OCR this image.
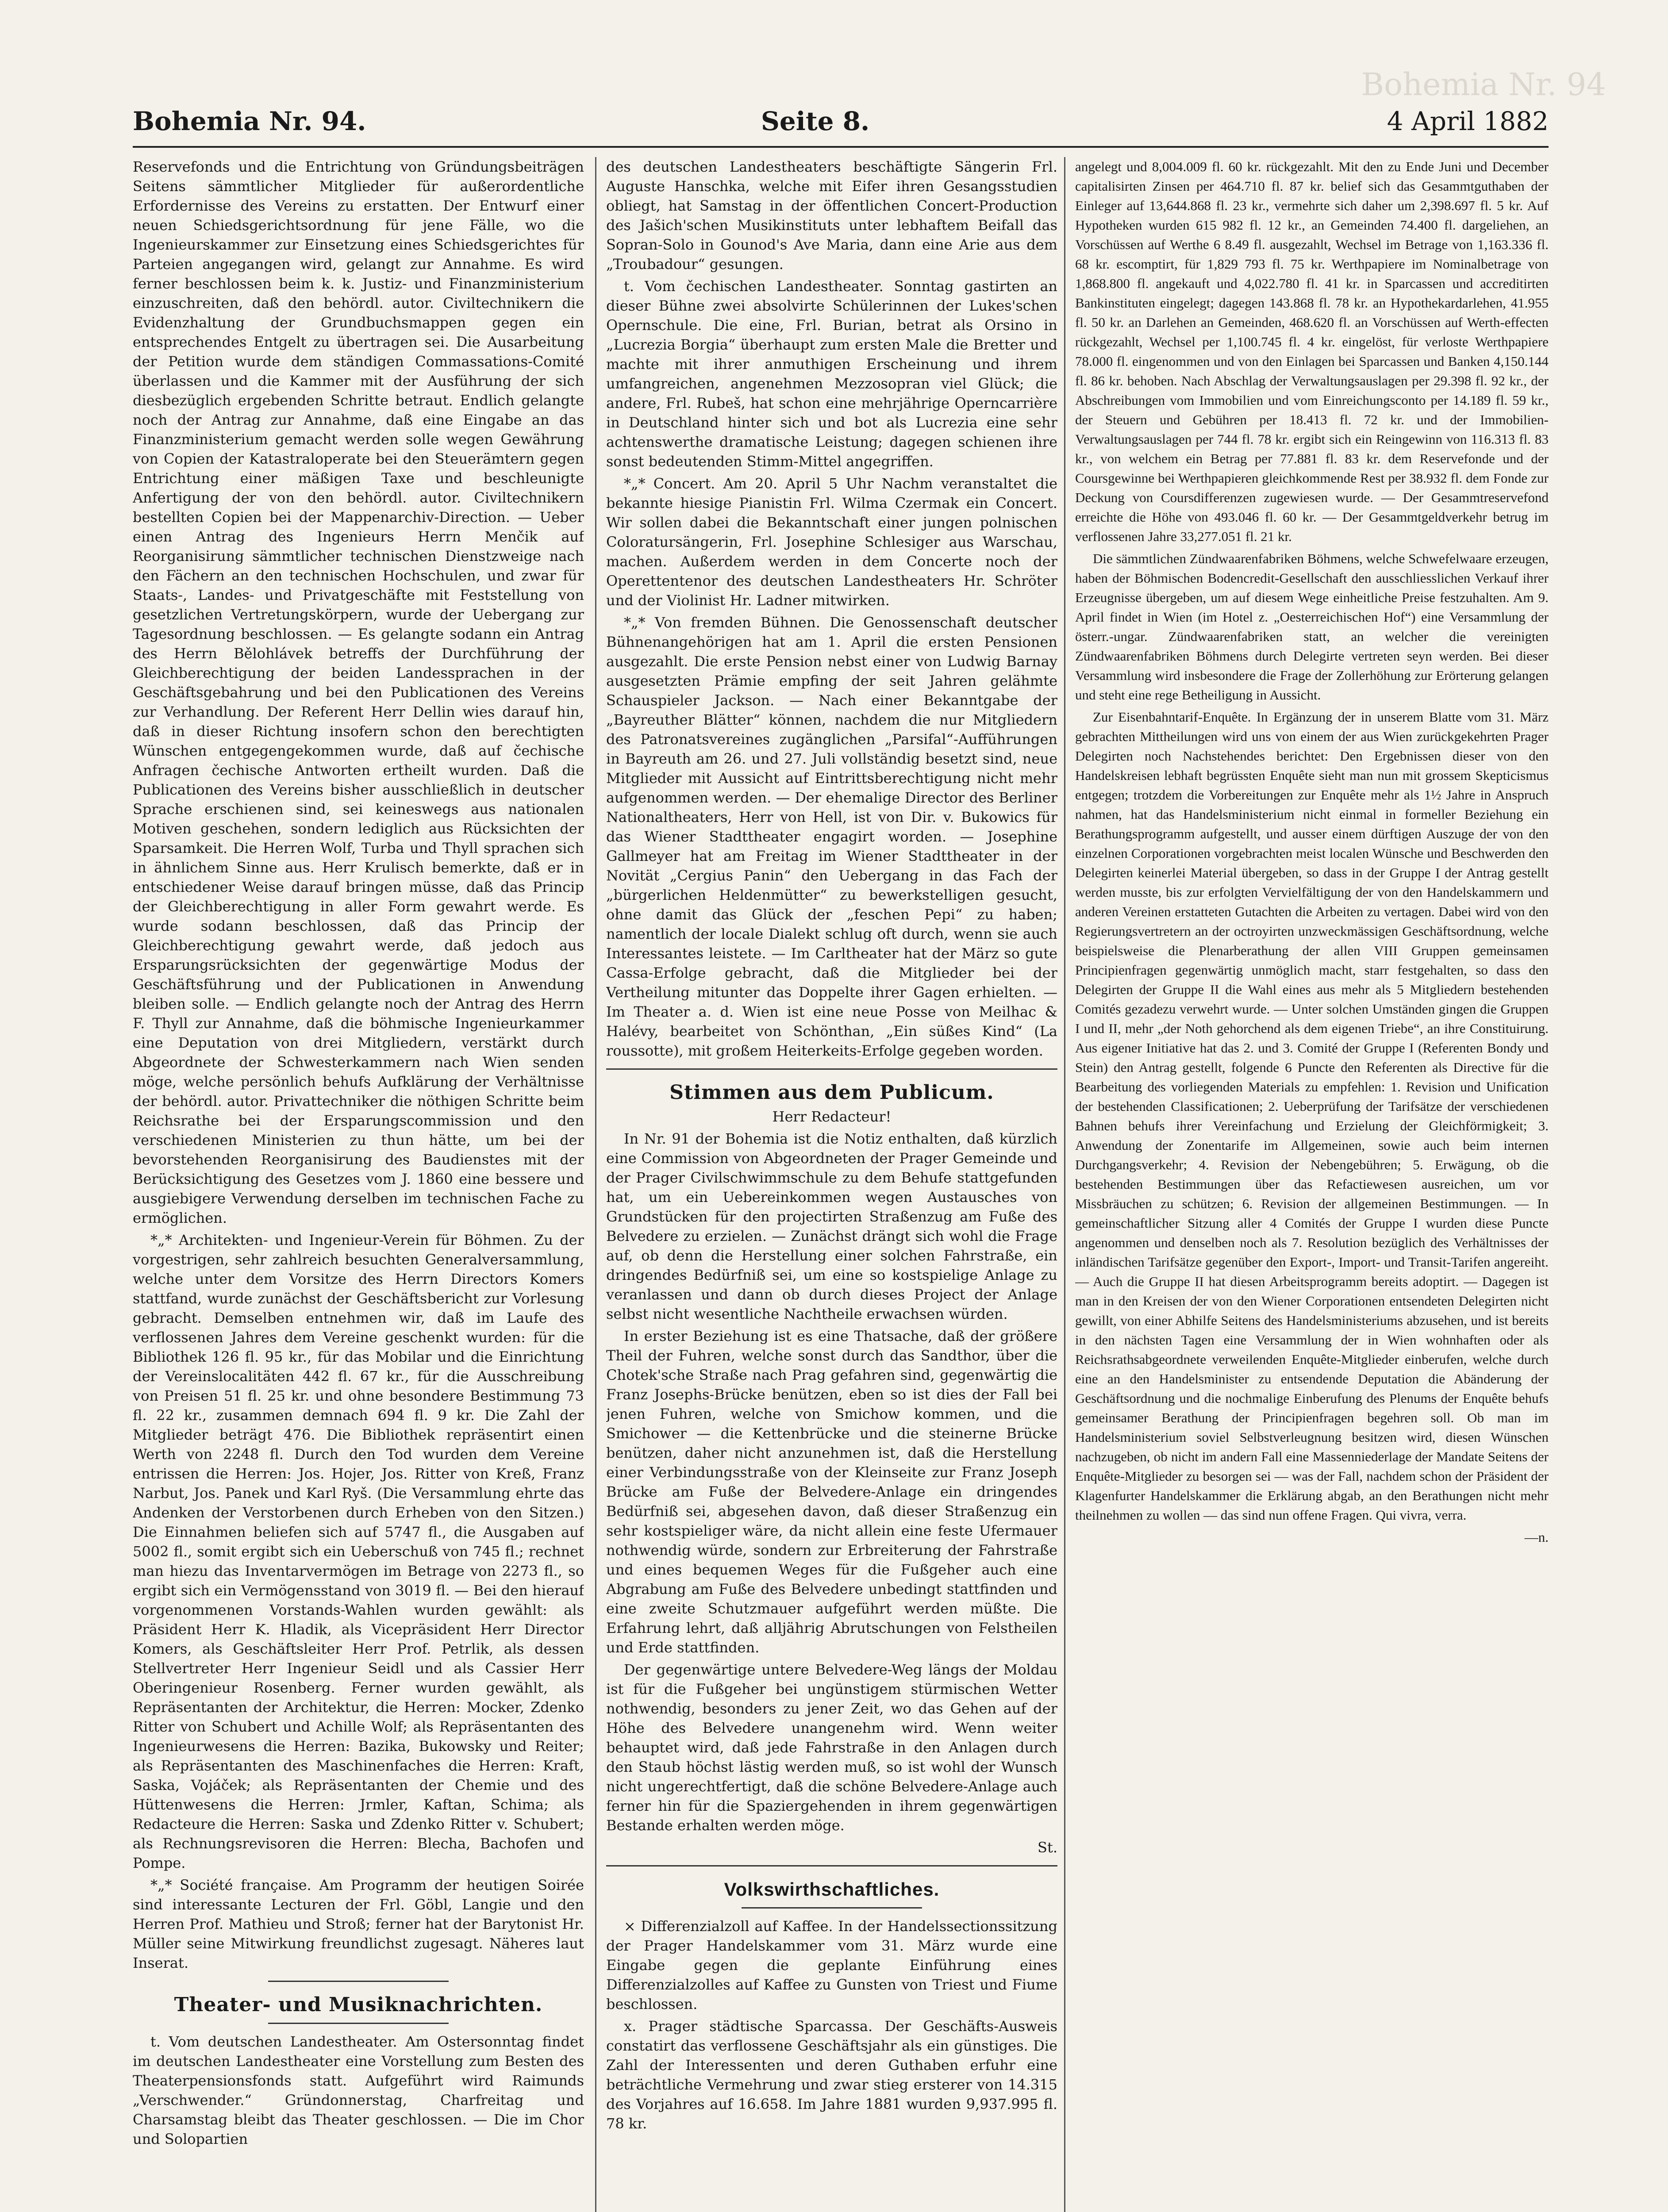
Bohemia Nr. 94
Bohemia Nr. 94.	Seite 8.	4 April 1882

Reservefonds und die Entrichtung von Gründungsbeiträgen Seitens sämmtlicher Mitglieder für außerordentliche Erfordernisse des Vereins zu erstatten. Der Entwurf einer neuen Schiedsgerichtsordnung für jene Fälle, wo die Ingenieurskammer zur Einsetzung eines Schiedsgerichtes für Parteien angegangen wird, gelangt zur Annahme. Es wird ferner beschlossen beim k. k. Justiz- und Finanzministerium einzuschreiten, daß den behördl. autor. Civiltechnikern die Evidenzhaltung der Grundbuchsmappen gegen ein entsprechendes Entgelt zu übertragen sei. Die Ausarbeitung der Petition wurde dem ständigen Commassations-Comité überlassen und die Kammer mit der Ausführung der sich diesbezüglich ergebenden Schritte betraut. Endlich gelangte noch der Antrag zur Annahme, daß eine Eingabe an das Finanzministerium gemacht werden solle wegen Gewährung von Copien der Katastraloperate bei den Steuerämtern gegen Entrichtung einer mäßigen Taxe und beschleunigte Anfertigung der von den behördl. autor. Civiltechnikern bestellten Copien bei der Mappenarchiv-Direction. — Ueber einen Antrag des Ingenieurs Herrn Menčik auf Reorganisirung sämmtlicher technischen Dienstzweige nach den Fächern an den technischen Hochschulen, und zwar für Staats-, Landes- und Privatgeschäfte mit Feststellung von gesetzlichen Vertretungskörpern, wurde der Uebergang zur Tagesordnung beschlossen. — Es gelangte sodann ein Antrag des Herrn Bělohlávek betreffs der Durchführung der Gleichberechtigung der beiden Landessprachen in der Geschäftsgebahrung und bei den Publicationen des Vereins zur Verhandlung. Der Referent Herr Dellin wies darauf hin, daß in dieser Richtung insofern schon den berechtigten Wünschen entgegengekommen wurde, daß auf čechische Anfragen čechische Antworten ertheilt wurden. Daß die Publicationen des Vereins bisher ausschließlich in deutscher Sprache erschienen sind, sei keineswegs aus nationalen Motiven geschehen, sondern lediglich aus Rücksichten der Sparsamkeit. Die Herren Wolf, Turba und Thyll sprachen sich in ähnlichem Sinne aus. Herr Krulisch bemerkte, daß er in entschiedener Weise darauf bringen müsse, daß das Princip der Gleichberechtigung in aller Form gewahrt werde. Es wurde sodann beschlossen, daß das Princip der Gleichberechtigung gewahrt werde, daß jedoch aus Ersparungsrücksichten der gegenwärtige Modus der Geschäftsführung und der Publicationen in Anwendung bleiben solle. — Endlich gelangte noch der Antrag des Herrn F. Thyll zur Annahme, daß die böhmische Ingenieurkammer eine Deputation von drei Mitgliedern, verstärkt durch Abgeordnete der Schwesterkammern nach Wien senden möge, welche persönlich behufs Aufklärung der Verhältnisse der behördl. autor. Privattechniker die nöthigen Schritte beim Reichsrathe bei der Ersparungscommission und den verschiedenen Ministerien zu thun hätte, um bei der bevorstehenden Reorganisirung des Baudienstes mit der Berücksichtigung des Gesetzes vom J. 1860 eine bessere und ausgiebigere Verwendung derselben im technischen Fache zu ermöglichen.

*„* Architekten- und Ingenieur-Verein für Böhmen. Zu der vorgestrigen, sehr zahlreich besuchten Generalversammlung, welche unter dem Vorsitze des Herrn Directors Komers stattfand, wurde zunächst der Geschäftsbericht zur Vorlesung gebracht. Demselben entnehmen wir, daß im Laufe des verflossenen Jahres dem Vereine geschenkt wurden: für die Bibliothek 126 fl. 95 kr., für das Mobilar und die Einrichtung der Vereinslocalitäten 442 fl. 67 kr., für die Ausschreibung von Preisen 51 fl. 25 kr. und ohne besondere Bestimmung 73 fl. 22 kr., zusammen demnach 694 fl. 9 kr. Die Zahl der Mitglieder beträgt 476. Die Bibliothek repräsentirt einen Werth von 2248 fl. Durch den Tod wurden dem Vereine entrissen die Herren: Jos. Hojer, Jos. Ritter von Kreß, Franz Narbut, Jos. Panek und Karl Ryš. (Die Versammlung ehrte das Andenken der Verstorbenen durch Erheben von den Sitzen.) Die Einnahmen beliefen sich auf 5747 fl., die Ausgaben auf 5002 fl., somit ergibt sich ein Ueberschuß von 745 fl.; rechnet man hiezu das Inventarvermögen im Betrage von 2273 fl., so ergibt sich ein Vermögensstand von 3019 fl. — Bei den hierauf vorgenommenen Vorstands-Wahlen wurden gewählt: als Präsident Herr K. Hladik, als Vicepräsident Herr Director Komers, als Geschäftsleiter Herr Prof. Petrlik, als dessen Stellvertreter Herr Ingenieur Seidl und als Cassier Herr Oberingenieur Rosenberg. Ferner wurden gewählt, als Repräsentanten der Architektur, die Herren: Mocker, Zdenko Ritter von Schubert und Achille Wolf; als Repräsentanten des Ingenieurwesens die Herren: Bazika, Bukowsky und Reiter; als Repräsentanten des Maschinenfaches die Herren: Kraft, Saska, Vojáček; als Repräsentanten der Chemie und des Hüttenwesens die Herren: Jrmler, Kaftan, Schima; als Redacteure die Herren: Saska und Zdenko Ritter v. Schubert; als Rechnungsrevisoren die Herren: Blecha, Bachofen und Pompe.

*„* Société française. Am Programm der heutigen Soirée sind interessante Lecturen der Frl. Göbl, Langie und den Herren Prof. Mathieu und Stroß; ferner hat der Barytonist Hr. Müller seine Mitwirkung freundlichst zugesagt. Näheres laut Inserat.

Theater- und Musiknachrichten.

t. Vom deutschen Landestheater. Am Ostersonntag findet im deutschen Landestheater eine Vorstellung zum Besten des Theaterpensionsfonds statt. Aufgeführt wird Raimunds „Verschwender.“ Gründonnerstag, Charfreitag und Charsamstag bleibt das Theater geschlossen. — Die im Chor und Solopartien

des deutschen Landestheaters beschäftigte Sängerin Frl. Auguste Hanschka, welche mit Eifer ihren Gesangsstudien obliegt, hat Samstag in der öffentlichen Concert-Production des Jašich'schen Musikinstituts unter lebhaftem Beifall das Sopran-Solo in Gounod's Ave Maria, dann eine Arie aus dem „Troubadour“ gesungen.

t. Vom čechischen Landestheater. Sonntag gastirten an dieser Bühne zwei absolvirte Schülerinnen der Lukes'schen Opernschule. Die eine, Frl. Burian, betrat als Orsino in „Lucrezia Borgia“ überhaupt zum ersten Male die Bretter und machte mit ihrer anmuthigen Erscheinung und ihrem umfangreichen, angenehmen Mezzosopran viel Glück; die andere, Frl. Rubeš, hat schon eine mehrjährige Operncarrière in Deutschland hinter sich und bot als Lucrezia eine sehr achtenswerthe dramatische Leistung; dagegen schienen ihre sonst bedeutenden Stimm-Mittel angegriffen.

*„* Concert. Am 20. April 5 Uhr Nachm veranstaltet die bekannte hiesige Pianistin Frl. Wilma Czermak ein Concert. Wir sollen dabei die Bekanntschaft einer jungen polnischen Coloratursängerin, Frl. Josephine Schlesiger aus Warschau, machen. Außerdem werden in dem Concerte noch der Operettentenor des deutschen Landestheaters Hr. Schröter und der Violinist Hr. Ladner mitwirken.

*„* Von fremden Bühnen. Die Genossenschaft deutscher Bühnenangehörigen hat am 1. April die ersten Pensionen ausgezahlt. Die erste Pension nebst einer von Ludwig Barnay ausgesetzten Prämie empfing der seit Jahren gelähmte Schauspieler Jackson. — Nach einer Bekanntgabe der „Bayreuther Blätter“ können, nachdem die nur Mitgliedern des Patronatsvereines zugänglichen „Parsifal“-Aufführungen in Bayreuth am 26. und 27. Juli vollständig besetzt sind, neue Mitglieder mit Aussicht auf Eintrittsberechtigung nicht mehr aufgenommen werden. — Der ehemalige Director des Berliner Nationaltheaters, Herr von Hell, ist von Dir. v. Bukowics für das Wiener Stadttheater engagirt worden. — Josephine Gallmeyer hat am Freitag im Wiener Stadttheater in der Novität „Cergius Panin“ den Uebergang in das Fach der „bürgerlichen Heldenmütter“ zu bewerkstelligen gesucht, ohne damit das Glück der „feschen Pepi“ zu haben; namentlich der locale Dialekt schlug oft durch, wenn sie auch Interessantes leistete. — Im Carltheater hat der März so gute Cassa-Erfolge gebracht, daß die Mitglieder bei der Vertheilung mitunter das Doppelte ihrer Gagen erhielten. — Im Theater a. d. Wien ist eine neue Posse von Meilhac & Halévy, bearbeitet von Schönthan, „Ein süßes Kind“ (La roussotte), mit großem Heiterkeits-Erfolge gegeben worden.

Stimmen aus dem Publicum.
Herr Redacteur!

In Nr. 91 der Bohemia ist die Notiz enthalten, daß kürzlich eine Commission von Abgeordneten der Prager Gemeinde und der Prager Civilschwimmschule zu dem Behufe stattgefunden hat, um ein Uebereinkommen wegen Austausches von Grundstücken für den projectirten Straßenzug am Fuße des Belvedere zu erzielen. — Zunächst drängt sich wohl die Frage auf, ob denn die Herstellung einer solchen Fahrstraße, ein dringendes Bedürfniß sei, um eine so kostspielige Anlage zu veranlassen und dann ob durch dieses Project der Anlage selbst nicht wesentliche Nachtheile erwachsen würden.

In erster Beziehung ist es eine Thatsache, daß der größere Theil der Fuhren, welche sonst durch das Sandthor, über die Chotek'sche Straße nach Prag gefahren sind, gegenwärtig die Franz Josephs-Brücke benützen, eben so ist dies der Fall bei jenen Fuhren, welche von Smichow kommen, und die Smichower — die Kettenbrücke und die steinerne Brücke benützen, daher nicht anzunehmen ist, daß die Herstellung einer Verbindungsstraße von der Kleinseite zur Franz Joseph Brücke am Fuße der Belvedere-Anlage ein dringendes Bedürfniß sei, abgesehen davon, daß dieser Straßenzug ein sehr kostspieliger wäre, da nicht allein eine feste Ufermauer nothwendig würde, sondern zur Erbreiterung der Fahrstraße und eines bequemen Weges für die Fußgeher auch eine Abgrabung am Fuße des Belvedere unbedingt stattfinden und eine zweite Schutzmauer aufgeführt werden müßte. Die Erfahrung lehrt, daß alljährig Abrutschungen von Felstheilen und Erde stattfinden.

Der gegenwärtige untere Belvedere-Weg längs der Moldau ist für die Fußgeher bei ungünstigem stürmischen Wetter nothwendig, besonders zu jener Zeit, wo das Gehen auf der Höhe des Belvedere unangenehm wird. Wenn weiter behauptet wird, daß jede Fahrstraße in den Anlagen durch den Staub höchst lästig werden muß, so ist wohl der Wunsch nicht ungerechtfertigt, daß die schöne Belvedere-Anlage auch ferner hin für die Spaziergehenden in ihrem gegenwärtigen Bestande erhalten werden möge.

St.
Volkswirthschaftliches.

× Differenzialzoll auf Kaffee. In der Handelssectionssitzung der Prager Handelskammer vom 31. März wurde eine Eingabe gegen die geplante Einführung eines Differenzialzolles auf Kaffee zu Gunsten von Triest und Fiume beschlossen.

x. Prager städtische Sparcassa. Der Geschäfts-Ausweis constatirt das verflossene Geschäftsjahr als ein günstiges. Die Zahl der Interessenten und deren Guthaben erfuhr eine beträchtliche Vermehrung und zwar stieg ersterer von 14.315 des Vorjahres auf 16.658. Im Jahre 1881 wurden 9,937.995 fl. 78 kr.

angelegt und 8,004.009 fl. 60 kr. rückgezahlt. Mit den zu Ende Juni und December capitalisirten Zinsen per 464.710 fl. 87 kr. belief sich das Gesammtguthaben der Einleger auf 13,644.868 fl. 23 kr., vermehrte sich daher um 2,398.697 fl. 5 kr. Auf Hypotheken wurden 615 982 fl. 12 kr., an Gemeinden 74.400 fl. dargeliehen, an Vorschüssen auf Werthe 6 8.49 fl. ausgezahlt, Wechsel im Betrage von 1,163.336 fl. 68 kr. escomptirt, für 1,829 793 fl. 75 kr. Werthpapiere im Nominalbetrage von 1,868.800 fl. angekauft und 4,022.780 fl. 41 kr. in Sparcassen und accreditirten Bankinstituten eingelegt; dagegen 143.868 fl. 78 kr. an Hypothekardarlehen, 41.955 fl. 50 kr. an Darlehen an Gemeinden, 468.620 fl. an Vorschüssen auf Werth-effecten rückgezahlt, Wechsel per 1,100.745 fl. 4 kr. eingelöst, für verloste Werthpapiere 78.000 fl. eingenommen und von den Einlagen bei Sparcassen und Banken 4,150.144 fl. 86 kr. behoben. Nach Abschlag der Verwaltungsauslagen per 29.398 fl. 92 kr., der Abschreibungen vom Immobilien und vom Einreichungsconto per 14.189 fl. 59 kr., der Steuern und Gebühren per 18.413 fl. 72 kr. und der Immobilien-Verwaltungsauslagen per 744 fl. 78 kr. ergibt sich ein Reingewinn von 116.313 fl. 83 kr., von welchem ein Betrag per 77.881 fl. 83 kr. dem Reservefonde und der Coursgewinne bei Werthpapieren gleichkommende Rest per 38.932 fl. dem Fonde zur Deckung von Coursdifferenzen zugewiesen wurde. — Der Gesammtreservefond erreichte die Höhe von 493.046 fl. 60 kr. — Der Gesammtgeldverkehr betrug im verflossenen Jahre 33,277.051 fl. 21 kr.

Die sämmtlichen Zündwaarenfabriken Böhmens, welche Schwefelwaare erzeugen, haben der Böhmischen Bodencredit-Gesellschaft den ausschliesslichen Verkauf ihrer Erzeugnisse übergeben, um auf diesem Wege einheitliche Preise festzuhalten. Am 9. April findet in Wien (im Hotel z. „Oesterreichischen Hof“) eine Versammlung der österr.-ungar. Zündwaarenfabriken statt, an welcher die vereinigten Zündwaarenfabriken Böhmens durch Delegirte vertreten seyn werden. Bei dieser Versammlung wird insbesondere die Frage der Zollerhöhung zur Erörterung gelangen und steht eine rege Betheiligung in Aussicht.

Zur Eisenbahntarif-Enquête. In Ergänzung der in unserem Blatte vom 31. März gebrachten Mittheilungen wird uns von einem der aus Wien zurückgekehrten Prager Delegirten noch Nachstehendes berichtet: Den Ergebnissen dieser von den Handelskreisen lebhaft begrüssten Enquête sieht man nun mit grossem Skepticismus entgegen; trotzdem die Vorbereitungen zur Enquête mehr als 1½ Jahre in Anspruch nahmen, hat das Handelsministerium nicht einmal in formeller Beziehung ein Berathungsprogramm aufgestellt, und ausser einem dürftigen Auszuge der von den einzelnen Corporationen vorgebrachten meist localen Wünsche und Beschwerden den Delegirten keinerlei Material übergeben, so dass in der Gruppe I der Antrag gestellt werden musste, bis zur erfolgten Vervielfältigung der von den Handelskammern und anderen Vereinen erstatteten Gutachten die Arbeiten zu vertagen. Dabei wird von den Regierungsvertretern an der octroyirten unzweckmässigen Geschäftsordnung, welche beispielsweise die Plenarberathung der allen VIII Gruppen gemeinsamen Principienfragen gegenwärtig unmöglich macht, starr festgehalten, so dass den Delegirten der Gruppe II die Wahl eines aus mehr als 5 Mitgliedern bestehenden Comités gezadezu verwehrt wurde. — Unter solchen Umständen gingen die Gruppen I und II, mehr „der Noth gehorchend als dem eigenen Triebe“, an ihre Constituirung. Aus eigener Initiative hat das 2. und 3. Comité der Gruppe I (Referenten Bondy und Stein) den Antrag gestellt, folgende 6 Puncte den Referenten als Directive für die Bearbeitung des vorliegenden Materials zu empfehlen: 1. Revision und Unification der bestehenden Classificationen; 2. Ueberprüfung der Tarifsätze der verschiedenen Bahnen behufs ihrer Vereinfachung und Erzielung der Gleichförmigkeit; 3. Anwendung der Zonentarife im Allgemeinen, sowie auch beim internen Durchgangsverkehr; 4. Revision der Nebengebühren; 5. Erwägung, ob die bestehenden Bestimmungen über das Refactiewesen ausreichen, um vor Missbräuchen zu schützen; 6. Revision der allgemeinen Bestimmungen. — In gemeinschaftlicher Sitzung aller 4 Comités der Gruppe I wurden diese Puncte angenommen und denselben noch als 7. Resolution bezüglich des Verhältnisses der inländischen Tarifsätze gegenüber den Export-, Import- und Transit-Tarifen angereiht. — Auch die Gruppe II hat diesen Arbeitsprogramm bereits adoptirt. — Dagegen ist man in den Kreisen der von den Wiener Corporationen entsendeten Delegirten nicht gewillt, von einer Abhilfe Seitens des Handelsministeriums abzusehen, und ist bereits in den nächsten Tagen eine Versammlung der in Wien wohnhaften oder als Reichsrathsabgeordnete verweilenden Enquête-Mitglieder einberufen, welche durch eine an den Handelsminister zu entsendende Deputation die Abänderung der Geschäftsordnung und die nochmalige Einberufung des Plenums der Enquête behufs gemeinsamer Berathung der Principienfragen begehren soll. Ob man im Handelsministerium soviel Selbstverleugnung besitzen wird, diesen Wünschen nachzugeben, ob nicht im andern Fall eine Massenniederlage der Mandate Seitens der Enquête-Mitglieder zu besorgen sei — was der Fall, nachdem schon der Präsident der Klagenfurter Handelskammer die Erklärung abgab, an den Berathungen nicht mehr theilnehmen zu wollen — das sind nun offene Fragen. Qui vivra, verra.

—n.
